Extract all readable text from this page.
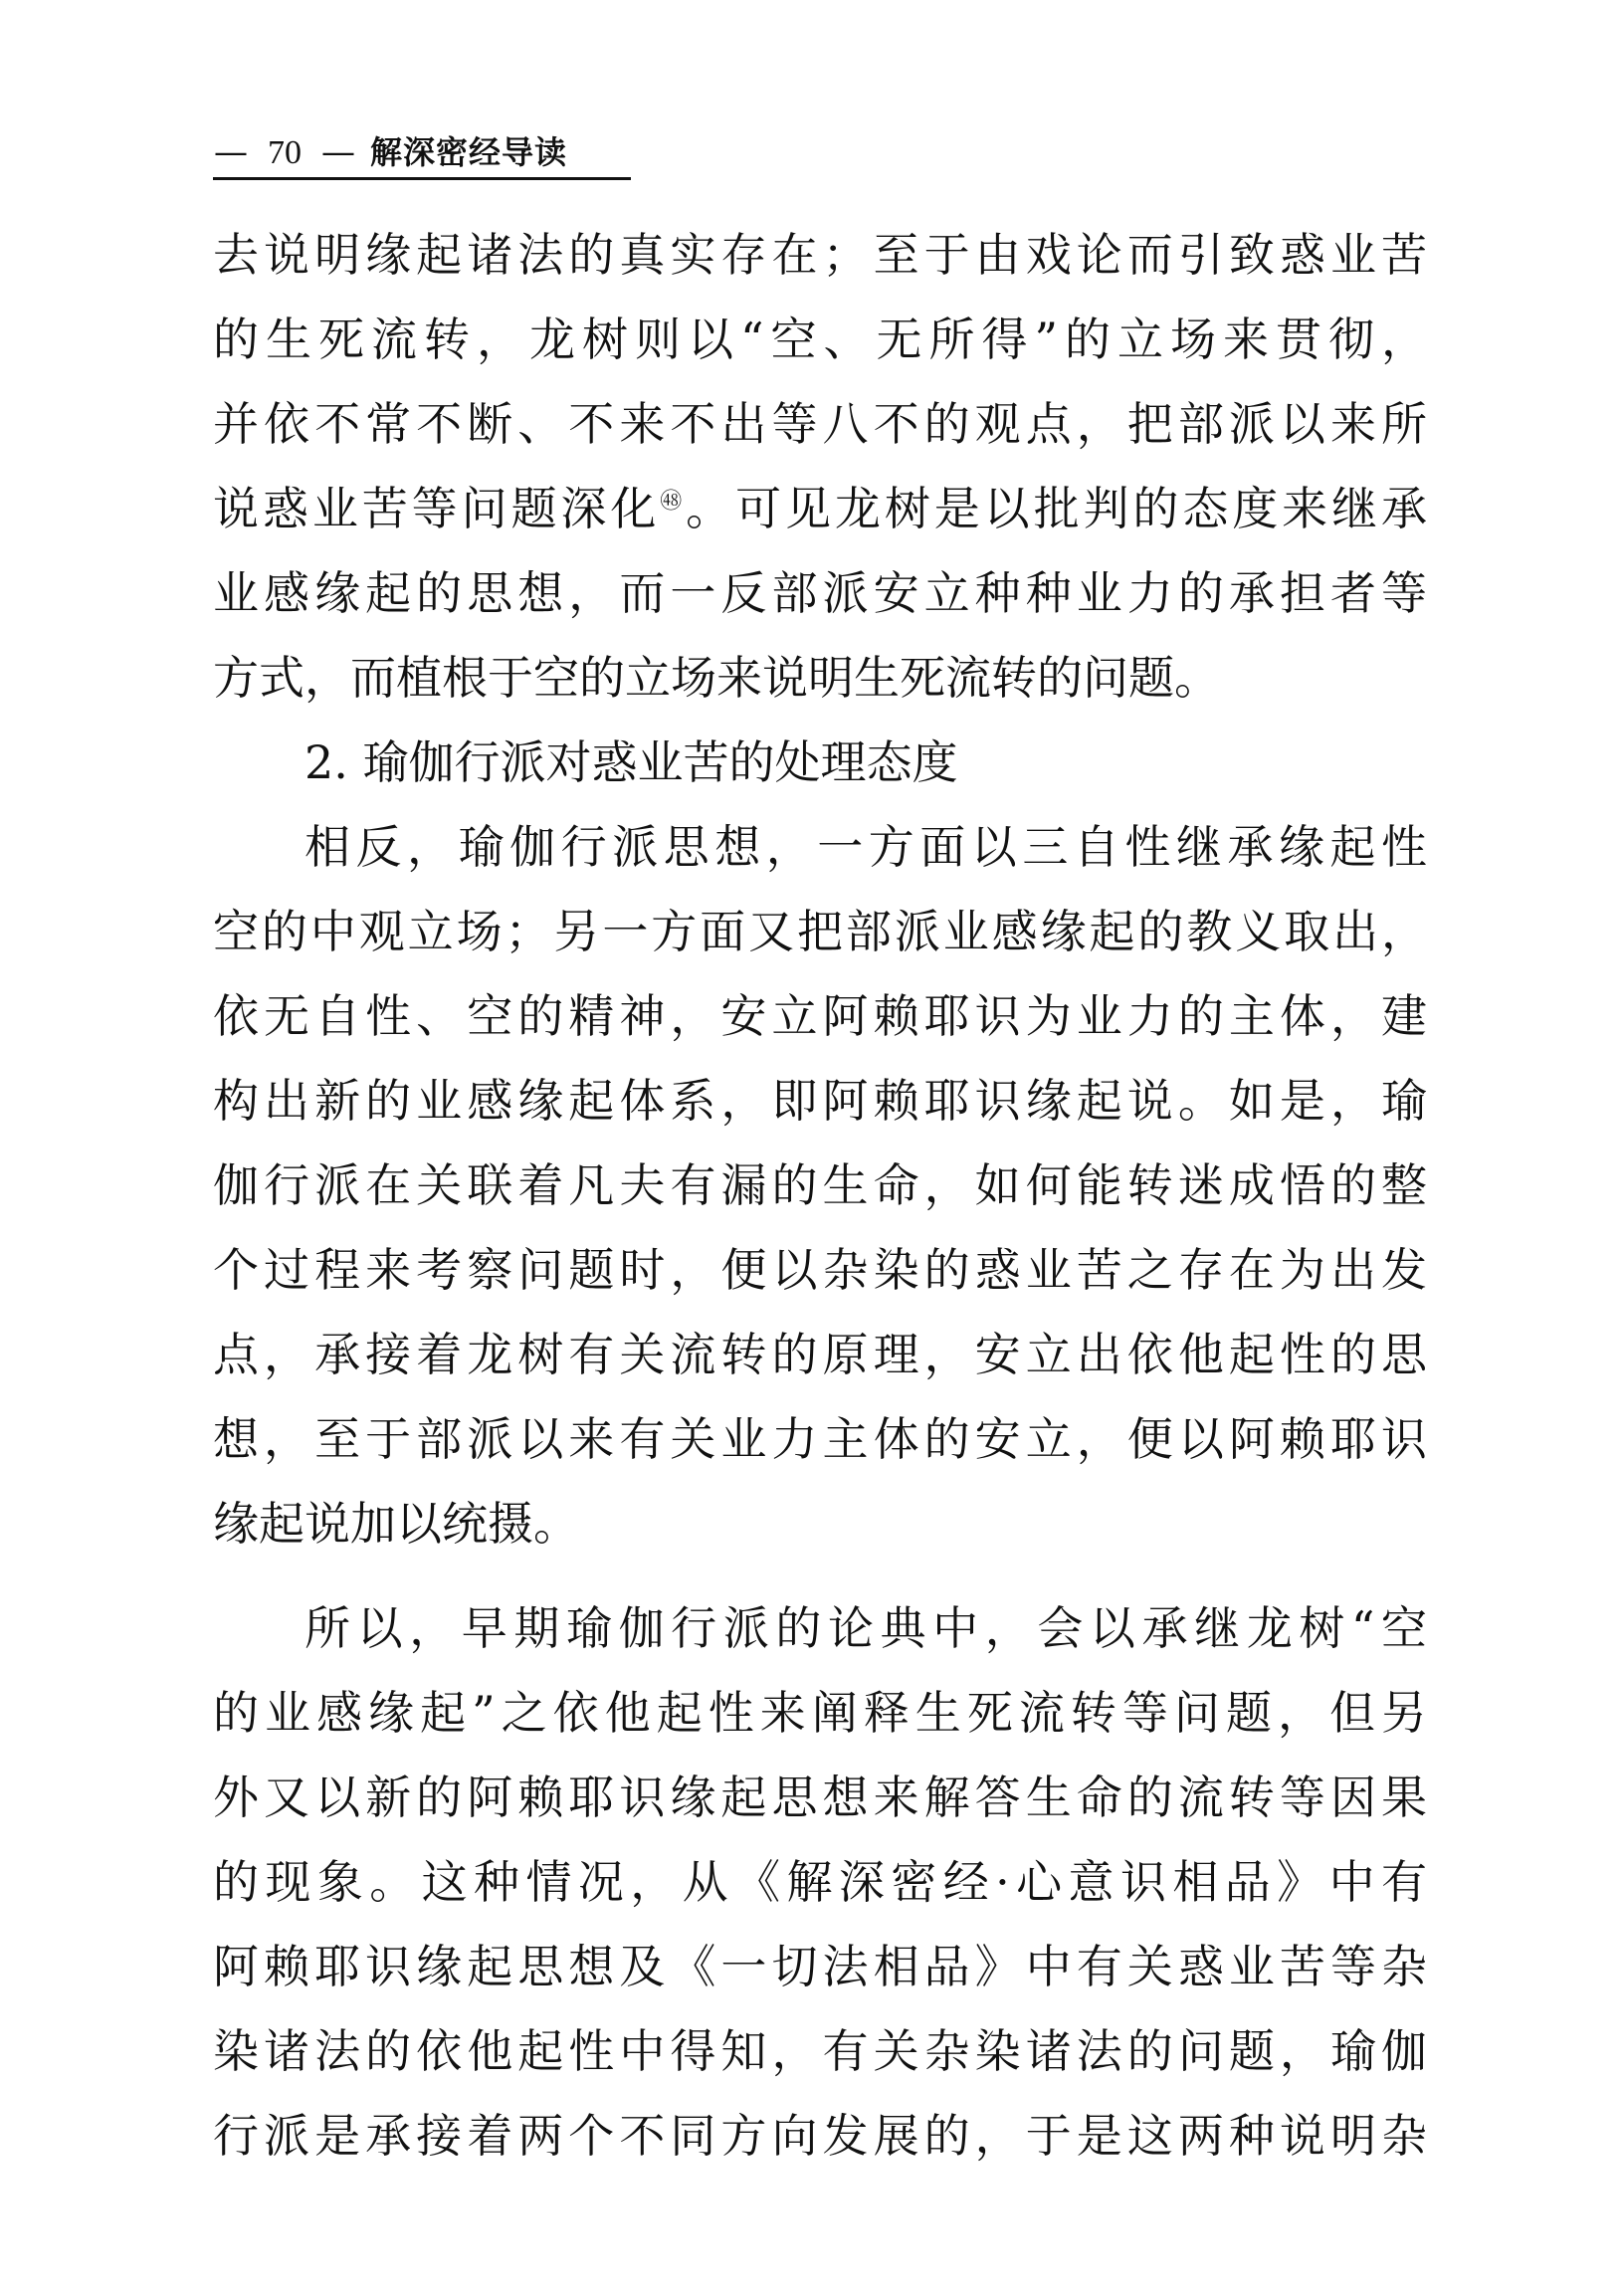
— 70 — 解深密经导读
去说明缘起诸法的真实存在；至于由戏论而引致惑业苦
的生死流转，龙树则以“空、无所得”的立场来贯彻，
并依不常不断、不来不出等八不的观点，把部派以来所
说惑业苦等问题深化$^㊽$。可见龙树是以批判的态度来继承
业感缘起的思想，而一反部派安立种种业力的承担者等
方式，而植根于空的立场来说明生死流转的问题。
2. 瑜伽行派对惑业苦的处理态度
相反，瑜伽行派思想，一方面以三自性继承缘起性
空的中观立场；另一方面又把部派业感缘起的教义取出，
依无自性、空的精神，安立阿赖耶识为业力的主体，建
构出新的业感缘起体系，即阿赖耶识缘起说。如是，瑜
伽行派在关联着凡夫有漏的生命，如何能转迷成悟的整
个过程来考察问题时，便以杂染的惑业苦之存在为出发
点，承接着龙树有关流转的原理，安立出依他起性的思
想，至于部派以来有关业力主体的安立，便以阿赖耶识
缘起说加以统摄。
所以，早期瑜伽行派的论典中，会以承继龙树“空
的业感缘起”之依他起性来阐释生死流转等问题，但另
外又以新的阿赖耶识缘起思想来解答生命的流转等因果
的现象。这种情况，从《解深密经·心意识相品》中有
阿赖耶识缘起思想及《一切法相品》中有关惑业苦等杂
染诸法的依他起性中得知，有关杂染诸法的问题，瑜伽
行派是承接着两个不同方向发展的，于是这两种说明杂
